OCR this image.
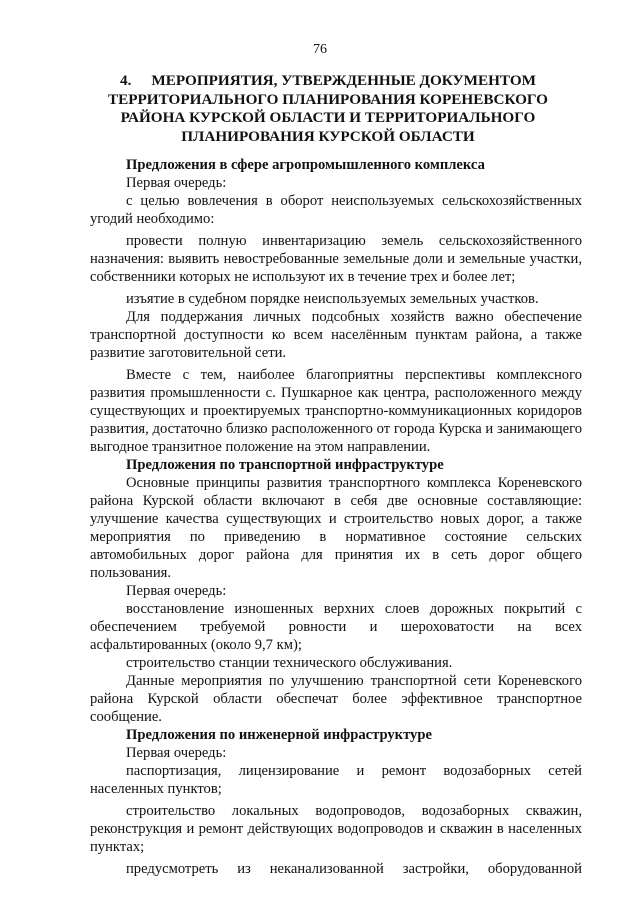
76
4. МЕРОПРИЯТИЯ, УТВЕРЖДЕННЫЕ ДОКУМЕНТОМ ТЕРРИТОРИАЛЬНОГО ПЛАНИРОВАНИЯ КОРЕНЕВСКОГО РАЙОНА КУРСКОЙ ОБЛАСТИ И ТЕРРИТОРИАЛЬНОГО ПЛАНИРОВАНИЯ КУРСКОЙ ОБЛАСТИ
Предложения в сфере агропромышленного комплекса
Первая очередь:
с целью вовлечения в оборот неиспользуемых сельскохозяйственных угодий необходимо:
провести полную инвентаризацию земель сельскохозяйственного назначения: выявить невостребованные земельные доли и земельные участки, собственники которых не используют их в течение трех и более лет;
изъятие в судебном порядке неиспользуемых земельных участков.
Для поддержания личных подсобных хозяйств важно обеспечение транспортной доступности ко всем населённым пунктам района, а также развитие заготовительной сети.
Вместе с тем, наиболее благоприятны перспективы комплексного развития промышленности с. Пушкарное как центра, расположенного между существующих и проектируемых транспортно-коммуникационных коридоров развития, достаточно близко расположенного от города Курска и занимающего выгодное транзитное положение на этом направлении.
Предложения по транспортной инфраструктуре
Основные принципы развития транспортного комплекса Кореневского района Курской области включают в себя две основные составляющие: улучшение качества существующих и строительство новых дорог, а также мероприятия по приведению в нормативное состояние сельских автомобильных дорог района для принятия их в сеть дорог общего пользования.
Первая очередь:
восстановление изношенных верхних слоев дорожных покрытий с обеспечением требуемой ровности и шероховатости на всех асфальтированных (около 9,7 км);
строительство станции технического обслуживания.
Данные мероприятия по улучшению транспортной сети Кореневского района Курской области обеспечат более эффективное транспортное сообщение.
Предложения по инженерной инфраструктуре
Первая очередь:
паспортизация, лицензирование и ремонт водозаборных сетей населенных пунктов;
строительство локальных водопроводов, водозаборных скважин, реконструкция и ремонт действующих водопроводов и скважин в населенных пунктах;
предусмотреть из неканализованной застройки, оборудованной
